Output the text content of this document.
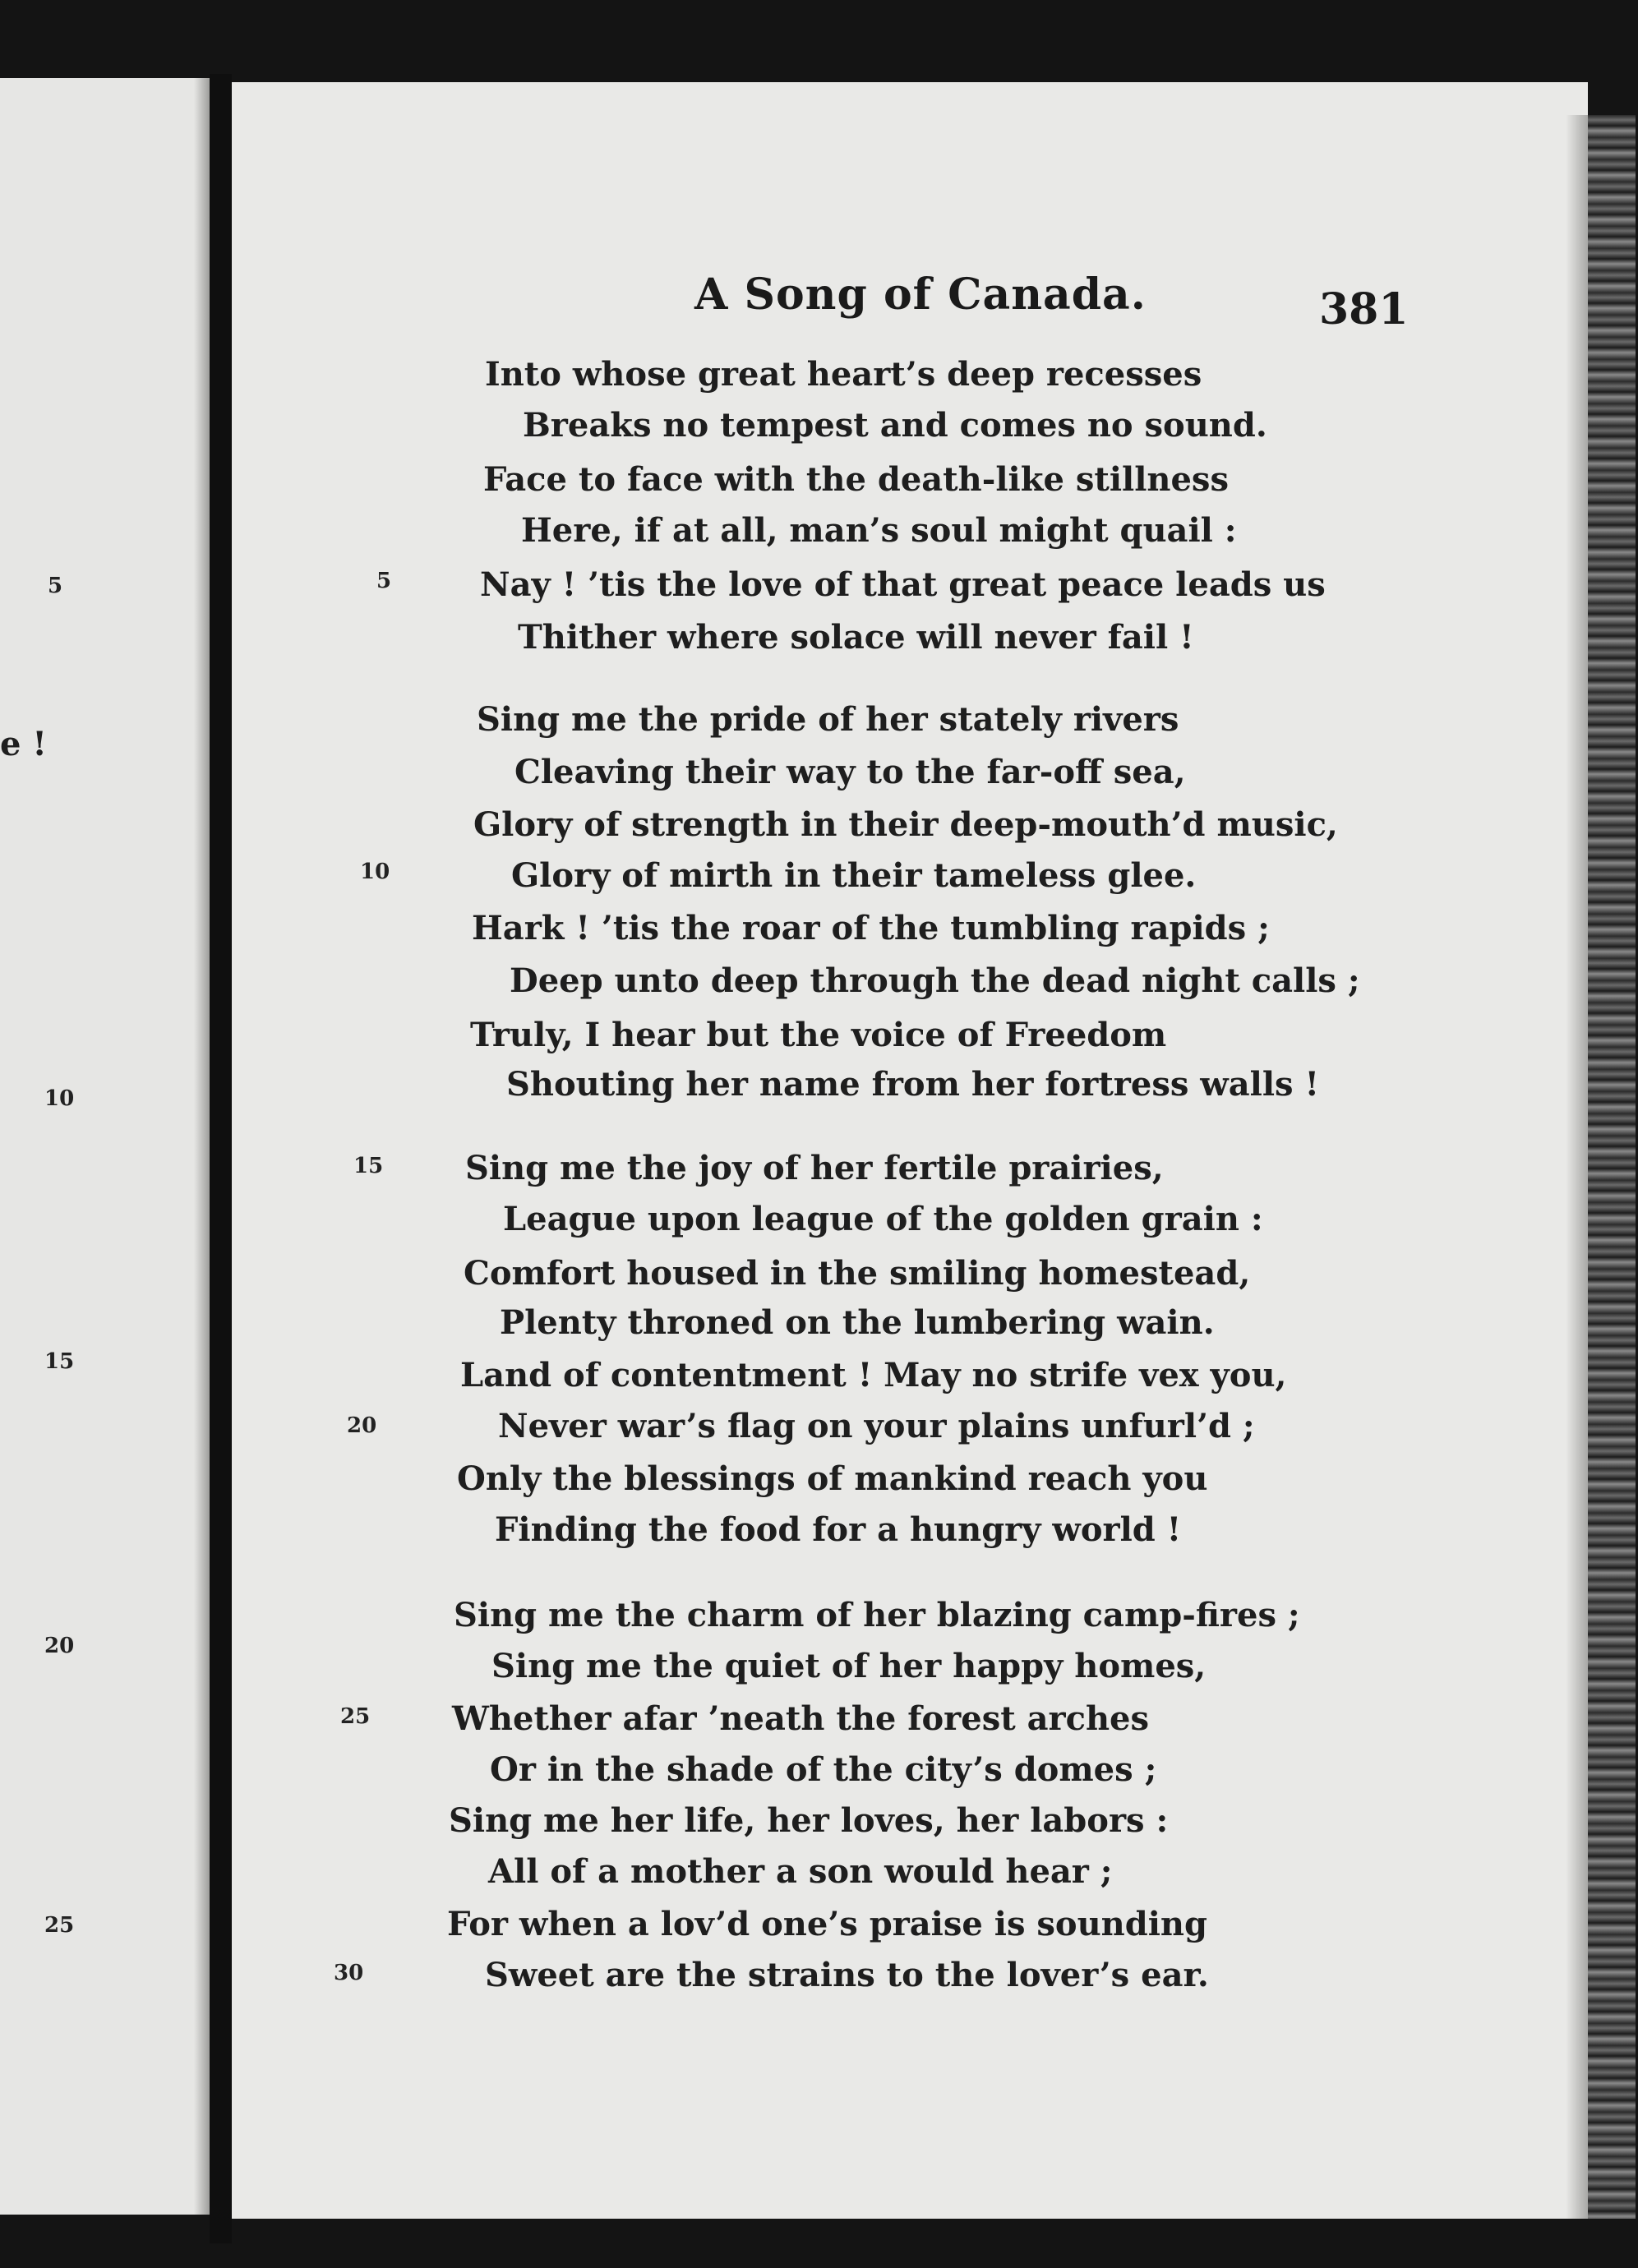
e !
5
10
15
20
25
A Song of Canada.	381
Into whose great heart’s deep recesses
Breaks no tempest and comes no sound.
Face to face with the death-like stillness
Here, if at all, man’s soul might quail :
Nay ! ’tis the love of that great peace leads us
Thither where solace will never fail !
Sing me the pride of her stately rivers
Cleaving their way to the far-off sea,
Glory of strength in their deep-mouth’d music,
Glory of mirth in their tameless glee.
Hark ! ’tis the roar of the tumbling rapids ;
Deep unto deep through the dead night calls ;
Truly, I hear but the voice of Freedom
Shouting her name from her fortress walls !
Sing me the joy of her fertile prairies,
League upon league of the golden grain :
Comfort housed in the smiling homestead,
Plenty throned on the lumbering wain.
Land of contentment ! May no strife vex you,
Never war’s flag on your plains unfurl’d ;
Only the blessings of mankind reach you
Finding the food for a hungry world !
Sing me the charm of her blazing camp-fires ;
Sing me the quiet of her happy homes,
Whether afar ’neath the forest arches
Or in the shade of the city’s domes ;
Sing me her life, her loves, her labors :
All of a mother a son would hear ;
For when a lov’d one’s praise is sounding
Sweet are the strains to the lover’s ear.
5
10
15
20
25
30
